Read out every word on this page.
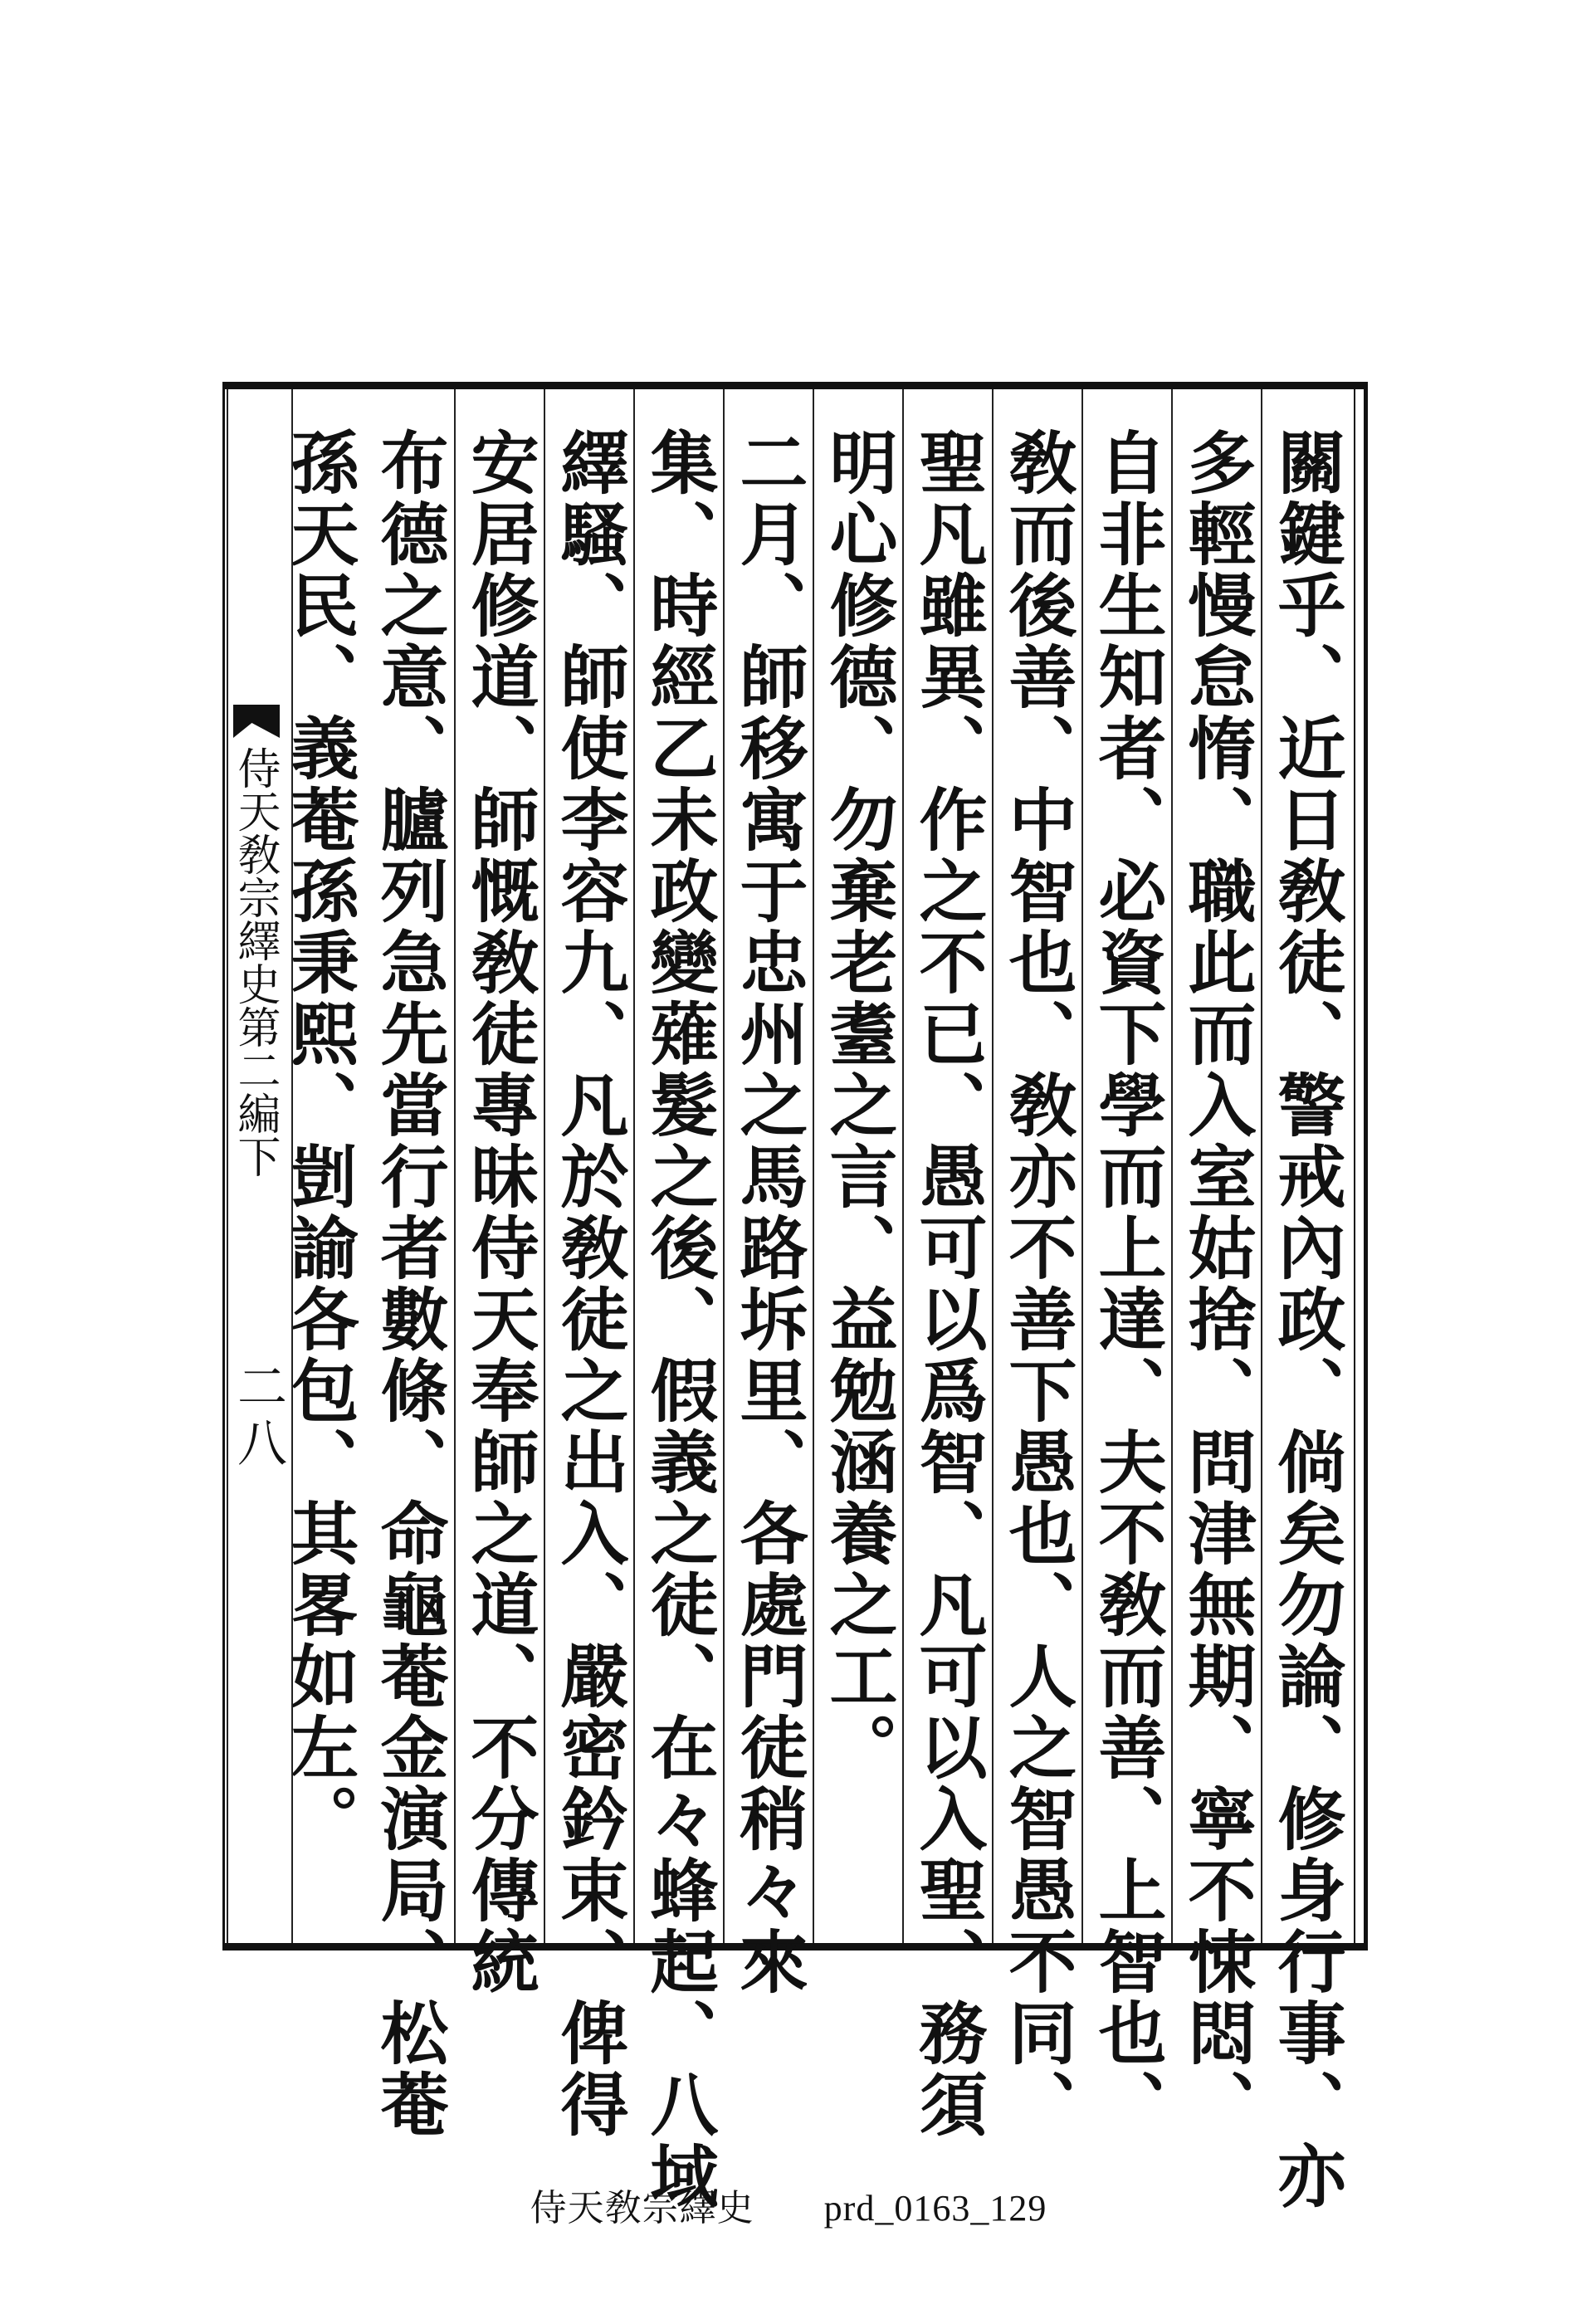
關鍵乎、近日敎徒、警戒內政、倘矣勿論、修身行事、亦
多輕慢怠惰、職此而入室姑捨、問津無期、寧不悚悶、
自非生知者、必資下學而上達、夫不敎而善、上智也、
敎而後善、中智也、敎亦不善下愚也、人之智愚不同、
聖凡雖異、作之不已、愚可以爲智、凡可以入聖、務須
明心修德、勿棄老耋之言、益勉涵養之工。
二月、師移寓于忠州之馬路坼里、各處門徒稍々來
集、時經乙未政變薙髮之後、假義之徒、在々蜂起、八域
繹騷、師使李容九、凡於敎徒之出入、嚴密鈐束、俾得
安居修道、師慨敎徒專昧侍天奉師之道、不分傳統
布德之意、臚列急先當行者數條、命龜菴金演局、松菴
孫天民、義菴孫秉熙、剴諭各包、其畧如左。
侍天敎宗繹史第二編下
二八
侍天敎宗繹史 prd_0163_129
